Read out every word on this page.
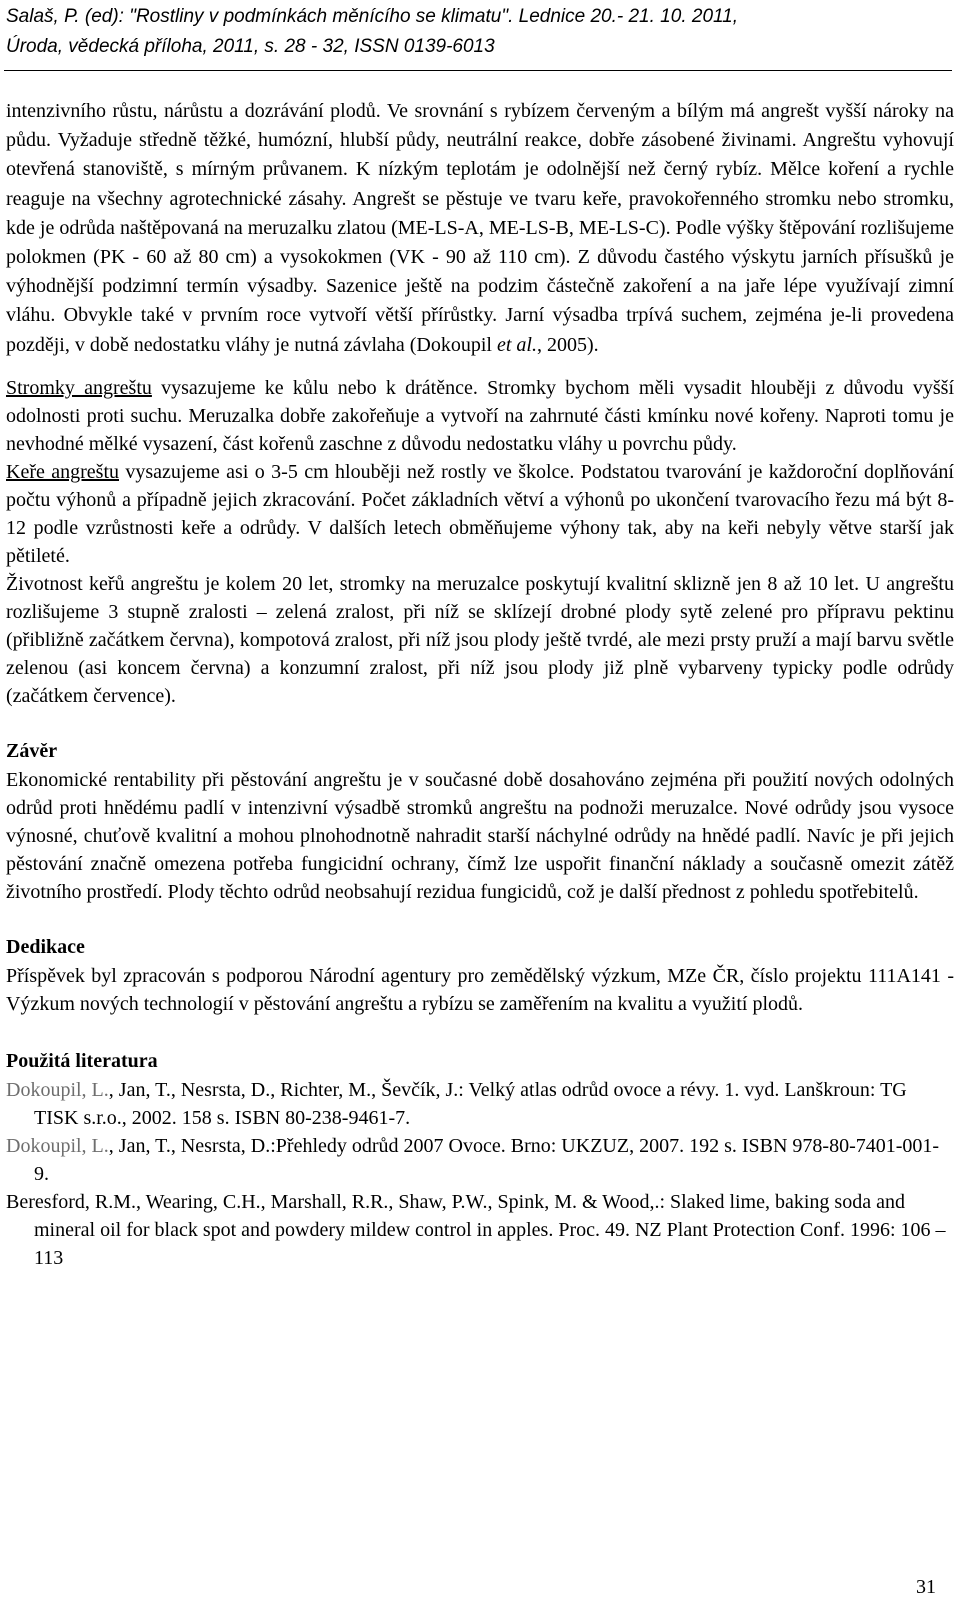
Salaš, P. (ed): "Rostliny v podmínkách měnícího se klimatu". Lednice 20.- 21. 10. 2011,
Úroda, vědecká příloha, 2011, s. 28 - 32, ISSN 0139-6013

intenzivního růstu, nárůstu a dozrávání plodů. Ve srovnání s rybízem červeným a bílým má angrešt vyšší nároky na půdu. Vyžaduje středně těžké, humózní, hlubší půdy, neutrální reakce, dobře zásobené živinami. Angreštu vyhovují otevřená stanoviště, s mírným průvanem. K nízkým teplotám je odolnější než černý rybíz. Mělce koření a rychle reaguje na všechny agrotechnické zásahy. Angrešt se pěstuje ve tvaru keře, pravokořenného stromku nebo stromku, kde je odrůda naštěpovaná na meruzalku zlatou (ME-LS-A, ME-LS-B, ME-LS-C). Podle výšky štěpování rozlišujeme polokmen (PK - 60 až 80 cm) a vysokokmen (VK - 90 až 110 cm). Z důvodu častého výskytu jarních přísušků je výhodnější podzimní termín výsadby. Sazenice ještě na podzim částečně zakoření a na jaře lépe využívají zimní vláhu. Obvykle také v prvním roce vytvoří větší přírůstky. Jarní výsadba trpívá suchem, zejména je-li provedena později, v době nedostatku vláhy je nutná závlaha (Dokoupil et al., 2005).

Stromky angreštu vysazujeme ke kůlu nebo k drátěnce. Stromky bychom měli vysadit hlouběji z důvodu vyšší odolnosti proti suchu. Meruzalka dobře zakořeňuje a vytvoří na zahrnuté části kmínku nové kořeny. Naproti tomu je nevhodné mělké vysazení, část kořenů zaschne z důvodu nedostatku vláhy u povrchu půdy.

Keře angreštu vysazujeme asi o 3-5 cm hlouběji než rostly ve školce. Podstatou tvarování je každoroční doplňování počtu výhonů a případně jejich zkracování. Počet základních větví a výhonů po ukončení tvarovacího řezu má být 8-12 podle vzrůstnosti keře a odrůdy. V dalších letech obměňujeme výhony tak, aby na keři nebyly větve starší jak pětileté.

Životnost keřů angreštu je kolem 20 let, stromky na meruzalce poskytují kvalitní sklizně jen 8 až 10 let. U angreštu rozlišujeme 3 stupně zralosti – zelená zralost, při níž se sklízejí drobné plody sytě zelené pro přípravu pektinu (přibližně začátkem června), kompotová zralost, při níž jsou plody ještě tvrdé, ale mezi prsty pruží a mají barvu světle zelenou (asi koncem června) a konzumní zralost, při níž jsou plody již plně vybarveny typicky podle odrůdy (začátkem července).

Závěr

Ekonomické rentability při pěstování angreštu je v současné době dosahováno zejména při použití nových odolných odrůd proti hnědému padlí v intenzivní výsadbě stromků angreštu na podnoži meruzalce. Nové odrůdy jsou vysoce výnosné, chuťově kvalitní a mohou plnohodnotně nahradit starší náchylné odrůdy na hnědé padlí. Navíc je při jejich pěstování značně omezena potřeba fungicidní ochrany, čímž lze uspořit finanční náklady a současně omezit zátěž životního prostředí. Plody těchto odrůd neobsahují rezidua fungicidů, což je další přednost z pohledu spotřebitelů.

Dedikace

Příspěvek byl zpracován s podporou Národní agentury pro zemědělský výzkum, MZe ČR, číslo projektu 111A141 - Výzkum nových technologií v pěstování angreštu a rybízu se zaměřením na kvalitu a využití plodů.

Použitá literatura

Dokoupil, L., Jan, T., Nesrsta, D., Richter, M., Ševčík, J.: Velký atlas odrůd ovoce a révy. 1. vyd. Lanškroun: TG TISK s.r.o., 2002. 158 s. ISBN 80-238-9461-7.
Dokoupil, L., Jan, T., Nesrsta, D.:Přehledy odrůd 2007 Ovoce. Brno: UKZUZ, 2007. 192 s. ISBN 978-80-7401-001-9.
Beresford, R.M., Wearing, C.H., Marshall, R.R., Shaw, P.W., Spink, M. & Wood,.: Slaked lime, baking soda and mineral oil for black spot and powdery mildew control in apples. Proc. 49. NZ Plant Protection Conf. 1996: 106 –113
31
